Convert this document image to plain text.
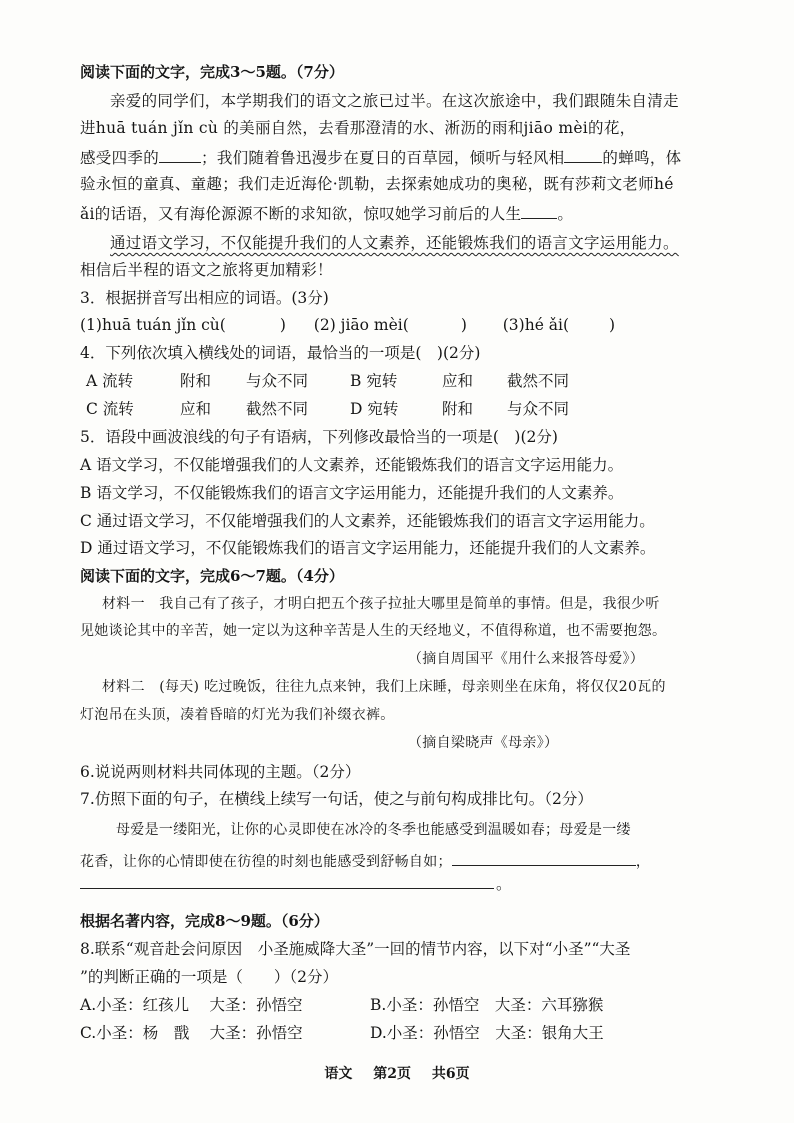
阅读下面的文字，完成3～5题。（7分）
亲爱的同学们，本学期我们的语文之旅已过半。在这次旅途中，我们跟随朱自清走
进huā tuán jǐn cù 的美丽自然，去看那澄清的水、淅沥的雨和jiāo mèi的花，
感受四季的	；我们随着鲁迅漫步在夏日的百草园，倾听与轻风相 的蝉鸣，体
验永恒的童真、童趣；我们走近海伦·凯勒，去探索她成功的奥秘，既有莎莉文老师hé
ǎi的话语，又有海伦源源不断的求知欲，惊叹她学习前后的人生 。
通过语文学习，不仅能提升我们的人文素养，还能锻炼我们的语言文字运用能力。
相信后半程的语文之旅将更加精彩！
3．根据拼音写出相应的词语。(3分)
(1)huā tuán jǐn cù(	) (2) jiāo mèi(	) (3)hé ǎi(	)
4．下列依次填入横线处的词语，最恰当的一项是(　)(2分)
A 流转	附和 与众不同	B 宛转	应和 截然不同
C 流转	应和 截然不同	D 宛转	附和 与众不同
5．语段中画波浪线的句子有语病，下列修改最恰当的一项是(　)(2分)
A 语文学习，不仅能增强我们的人文素养，还能锻炼我们的语言文字运用能力。
B 语文学习，不仅能锻炼我们的语言文字运用能力，还能提升我们的人文素养。
C 通过语文学习，不仅能增强我们的人文素养，还能锻炼我们的语言文字运用能力。
D 通过语文学习，不仅能锻炼我们的语言文字运用能力，还能提升我们的人文素养。
阅读下面的文字，完成6～7题。（4分）
材料一　我自己有了孩子，才明白把五个孩子拉扯大哪里是简单的事情。但是，我很少听
见她谈论其中的辛苦，她一定以为这种辛苦是人生的天经地义，不值得称道，也不需要抱怨。
（摘自周国平《用什么来报答母爱》）
材料二　(每天) 吃过晚饭，往往九点来钟，我们上床睡，母亲则坐在床角，将仅仅20瓦的
灯泡吊在头顶，凑着昏暗的灯光为我们补缀衣裤。
（摘自梁晓声《母亲》）
6.说说两则材料共同体现的主题。（2分）
7.仿照下面的句子，在横线上续写一句话，使之与前句构成排比句。（2分）
母爱是一缕阳光，让你的心灵即使在冰冷的冬季也能感受到温暖如春；母爱是一缕
花香，让你的心情即使在彷徨的时刻也能感受到舒畅自如；	，
。
根据名著内容，完成8～9题。（6分）
8.联系“观音赴会问原因　小圣施威降大圣”一回的情节内容，以下对“小圣”“大圣
”的判断正确的一项是（　　）（2分）
A.小圣：红孩儿　 大圣：孙悟空	B.小圣：孙悟空　大圣：六耳猕猴
C.小圣：杨　戬　 大圣：孙悟空	D.小圣：孙悟空　大圣：银角大王
语文 第2页 共6页
